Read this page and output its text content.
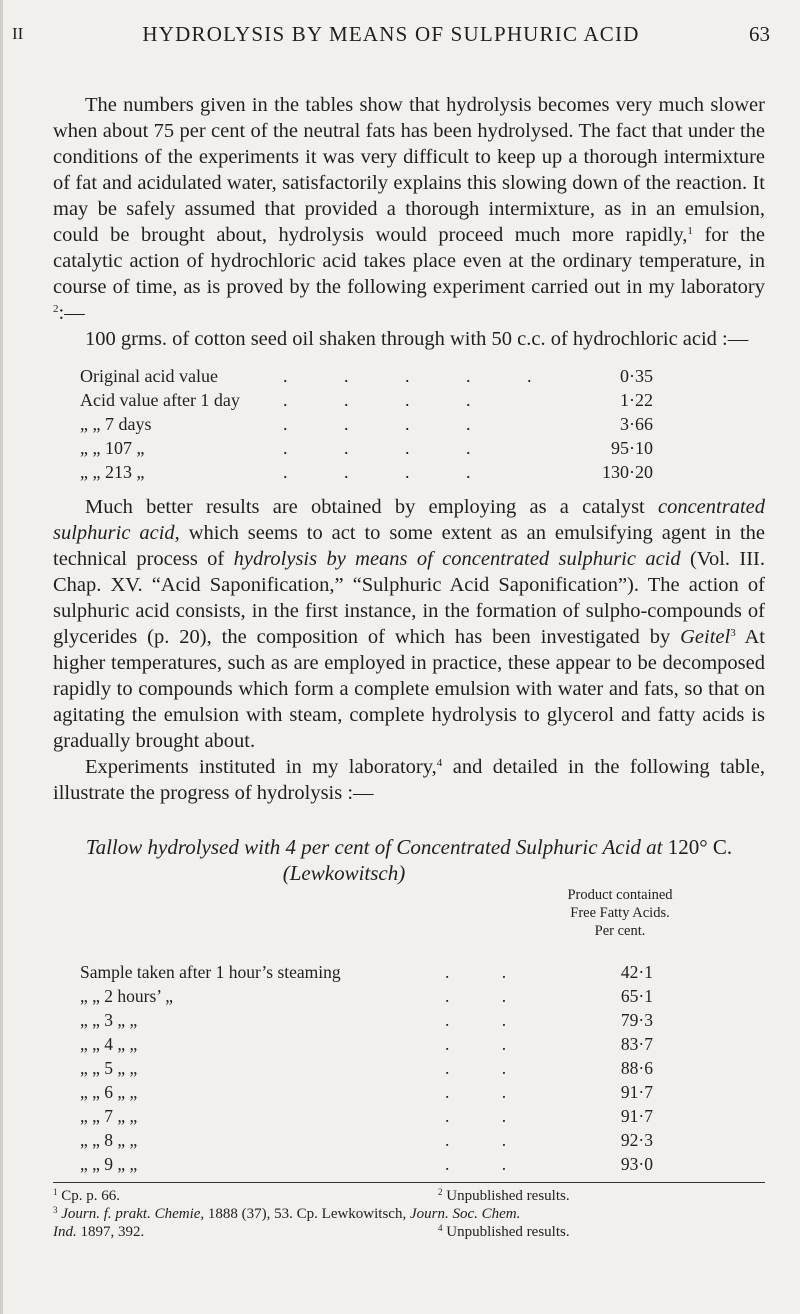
II	HYDROLYSIS BY MEANS OF SULPHURIC ACID	63

The numbers given in the tables show that hydrolysis becomes very much slower when about 75 per cent of the neutral fats has been hydrolysed. The fact that under the conditions of the experiments it was very difficult to keep up a thorough intermixture of fat and acidulated water, satisfactorily explains this slowing down of the reaction. It may be safely assumed that provided a thorough intermixture, as in an emulsion, could be brought about, hydrolysis would proceed much more rapidly,$^1$ for the catalytic action of hydrochloric acid takes place even at the ordinary temperature, in course of time, as is proved by the following experiment carried out in my laboratory $^2$:—

100 grms. of cotton seed oil shaken through with 50 c.c. of hydrochloric acid :—

Original acid value	. . . . .	0·35
Acid value after 1 day . . . .	1·22
„ „ 7 days	. . . .	3·66
„ „ 107 „	. . . .	95·10
„ „ 213 „	. . . .	130·20

Much better results are obtained by employing as a catalyst concentrated sulphuric acid, which seems to act to some extent as an emulsifying agent in the technical process of hydrolysis by means of concentrated sulphuric acid (Vol. III. Chap. XV. “Acid Saponification,” “Sulphuric Acid Saponification”). The action of sulphuric acid consists, in the first instance, in the formation of sulpho-compounds of glycerides (p. 20), the composition of which has been investigated by Geitel$^3$ At higher temperatures, such as are employed in practice, these appear to be decomposed rapidly to compounds which form a complete emulsion with water and fats, so that on agitating the emulsion with steam, complete hydrolysis to glycerol and fatty acids is gradually brought about.

Experiments instituted in my laboratory,$^4$ and detailed in the following table, illustrate the progress of hydrolysis :—

Tallow hydrolysed with 4 per cent of Concentrated Sulphuric Acid at 120° C.
(Lewkowitsch)
Product contained
Free Fatty Acids.
Per cent.
Sample taken after 1 hour’s steaming	. .	42·1
„ „ 2 hours’ „	. .	65·1
„ „ 3 „ „	. .	79·3
„ „ 4 „ „	. .	83·7
„ „ 5 „ „	. .	88·6
„ „ 6 „ „	. .	91·7
„ „ 7 „ „	. .	91·7
„ „ 8 „ „	. .	92·3
„ „ 9 „ „	. .	93·0
$^1$ Cp. p. 66.	$^2$ Unpublished results.
$^3$ Journ. f. prakt. Chemie, 1888 (37), 53. Cp. Lewkowitsch, Journ. Soc. Chem.
Ind. 1897, 392.	$^4$ Unpublished results.
